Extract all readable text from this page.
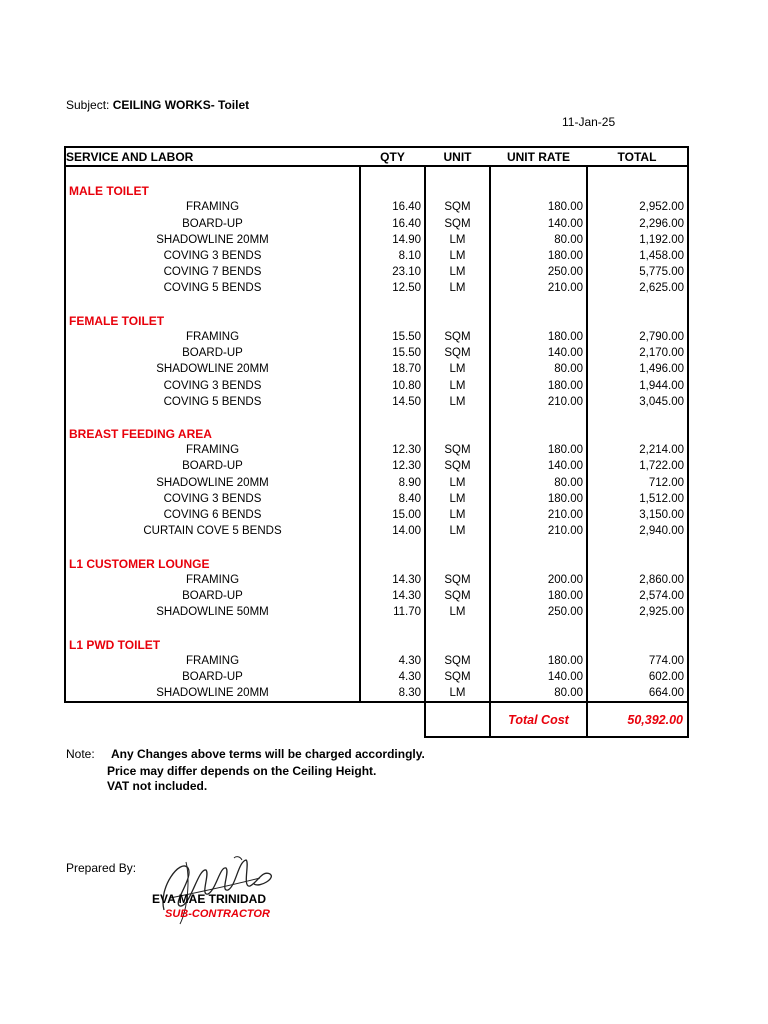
Subject: CEILING WORKS- Toilet
11-Jan-25
SERVICE AND LABOR	QTY	UNIT	UNIT RATE	TOTAL

MALE TOILET				
FRAMING	16.40	SQM	180.00	2,952.00
BOARD-UP	16.40	SQM	140.00	2,296.00
SHADOWLINE 20MM	14.90	LM	80.00	1,192.00
COVING 3 BENDS	8.10	LM	180.00	1,458.00
COVING 7 BENDS	23.10	LM	250.00	5,775.00
COVING 5 BENDS	12.50	LM	210.00	2,625.00

FEMALE TOILET				
FRAMING	15.50	SQM	180.00	2,790.00
BOARD-UP	15.50	SQM	140.00	2,170.00
SHADOWLINE 20MM	18.70	LM	80.00	1,496.00
COVING 3 BENDS	10.80	LM	180.00	1,944.00
COVING 5 BENDS	14.50	LM	210.00	3,045.00

BREAST FEEDING AREA				
FRAMING	12.30	SQM	180.00	2,214.00
BOARD-UP	12.30	SQM	140.00	1,722.00
SHADOWLINE 20MM	8.90	LM	80.00	712.00
COVING 3 BENDS	8.40	LM	180.00	1,512.00
COVING 6 BENDS	15.00	LM	210.00	3,150.00
CURTAIN COVE 5 BENDS	14.00	LM	210.00	2,940.00

L1 CUSTOMER LOUNGE				
FRAMING	14.30	SQM	200.00	2,860.00
BOARD-UP	14.30	SQM	180.00	2,574.00
SHADOWLINE 50MM	11.70	LM	250.00	2,925.00

L1 PWD TOILET				
FRAMING	4.30	SQM	180.00	774.00
BOARD-UP	4.30	SQM	140.00	602.00
SHADOWLINE 20MM	8.30	LM	80.00	664.00
			Total Cost	50,392.00
Note: Any Changes above terms will be charged accordingly.
Price may differ depends on the Ceiling Height.
VAT not included.
Prepared By:
EVA MAE TRINIDAD
SUB-CONTRACTOR
